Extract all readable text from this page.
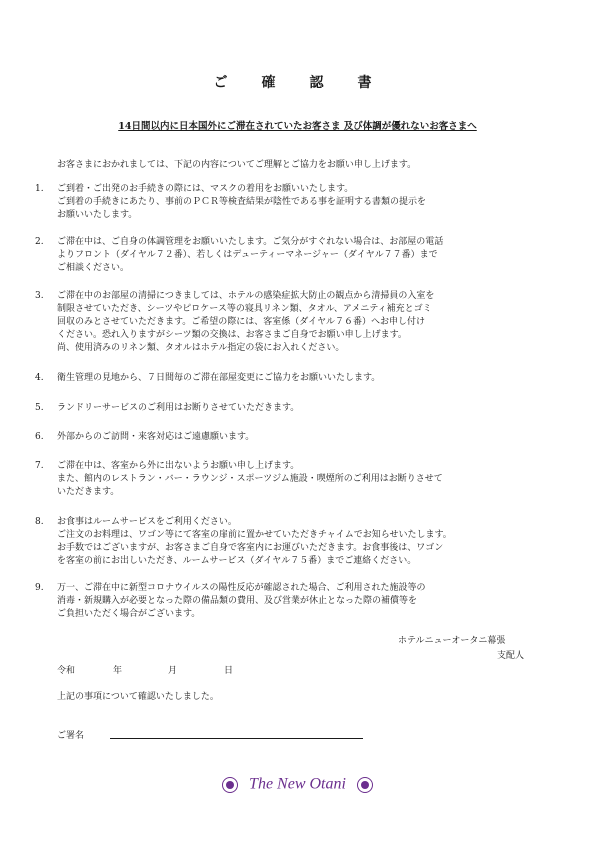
ご　確　認　書
14日間以内に日本国外にご滞在されていたお客さま 及び体調が優れないお客さまへ
お客さまにおかれましては、下記の内容についてご理解とご協力をお願い申し上げます。
1.	ご到着・ご出発のお手続きの際には、マスクの着用をお願いいたします。
ご到着の手続きにあたり、事前のＰＣＲ等検査結果が陰性である事を証明する書類の提示を
お願いいたします。
2.	ご滞在中は、ご自身の体調管理をお願いいたします。ご気分がすぐれない場合は、お部屋の電話
よりフロント（ダイヤル７２番）、若しくはデューティーマネージャー（ダイヤル７７番）まで
ご相談ください。
3.	ご滞在中のお部屋の清掃につきましては、ホテルの感染症拡大防止の観点から清掃員の入室を
制限させていただき、シーツやピロケース等の寝具リネン類、タオル、アメニティ補充とゴミ
回収のみとさせていただきます。ご希望の際には、客室係（ダイヤル７６番）へお申し付け
ください。恐れ入りますがシーツ類の交換は、お客さまご自身でお願い申し上げます。
尚、使用済みのリネン類、タオルはホテル指定の袋にお入れください。
4.	衛生管理の見地から、７日間毎のご滞在部屋変更にご協力をお願いいたします。
5.	ランドリーサービスのご利用はお断りさせていただきます。
6.	外部からのご訪問・来客対応はご遠慮願います。
7.	ご滞在中は、客室から外に出ないようお願い申し上げます。
また、館内のレストラン・バー・ラウンジ・スポーツジム施設・喫煙所のご利用はお断りさせて
いただきます。
8.	お食事はルームサービスをご利用ください。
ご注文のお料理は、ワゴン等にて客室の扉前に置かせていただきチャイムでお知らせいたします。
お手数ではございますが、お客さまご自身で客室内にお運びいただきます。お食事後は、ワゴン
を客室の前にお出しいただき、ルームサービス（ダイヤル７５番）までご連絡ください。
9.	万一、ご滞在中に新型コロナウイルスの陽性反応が確認された場合、ご利用された施設等の
消毒・新規購入が必要となった際の備品類の費用、及び営業が休止となった際の補償等を
ご負担いただく場合がございます。
ホテルニューオータニ幕張
支配人
令和	年	月	日
上記の事項について確認いたしました。
ご署名
The New Otani
